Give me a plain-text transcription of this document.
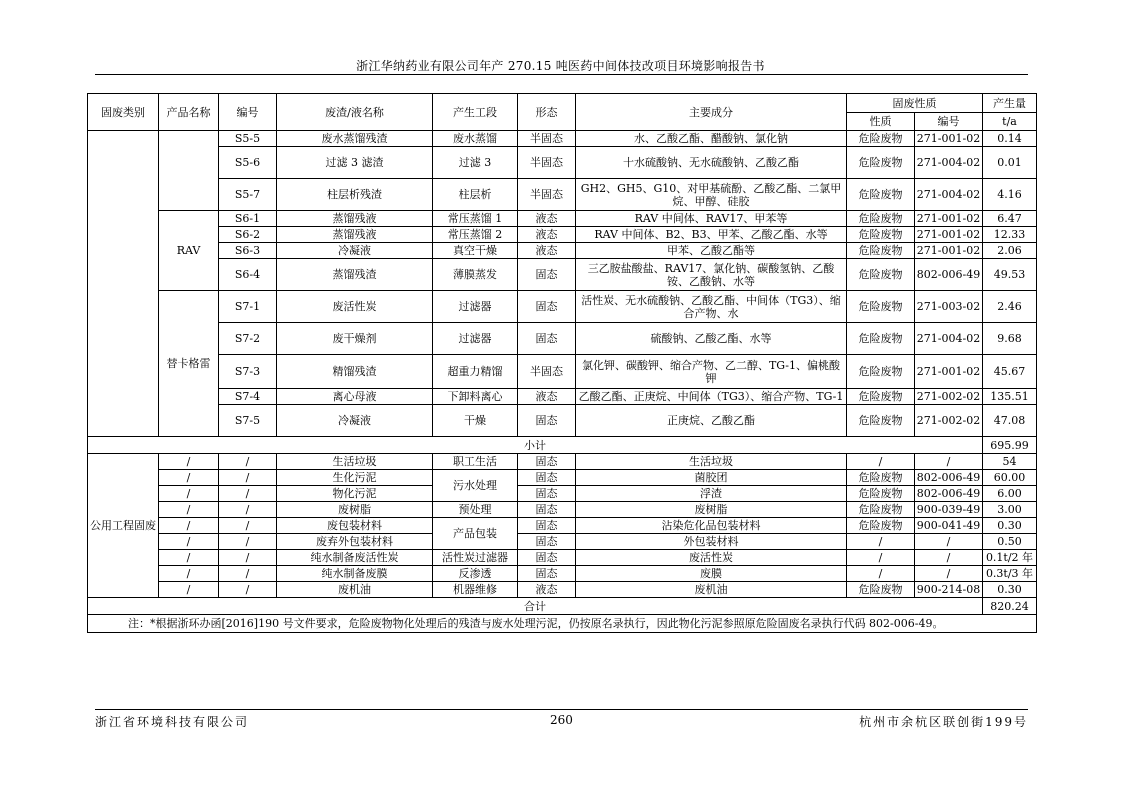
浙江华纳药业有限公司年产 270.15 吨医药中间体技改项目环境影响报告书
固废类别	产品名称	编号	废渣/液名称	产生工段	形态	主要成分	固废性质		产生量
							性质	编号	t/a
		S5-5	废水蒸馏残渣	废水蒸馏	半固态	水、乙酸乙酯、醋酸钠、氯化钠	危险废物	271-001-02	0.14
		S5-6	过滤 3 滤渣	过滤 3	半固态	十水硫酸钠、无水硫酸钠、乙酸乙酯	危险废物	271-004-02	0.01
		S5-7	柱层析残渣	柱层析	半固态	GH2、GH5、G10、对甲基硫酚、乙酸乙酯、二氯甲烷、甲醇、硅胶	危险废物	271-004-02	4.16
	RAV	S6-1	蒸馏残液	常压蒸馏 1	液态	RAV 中间体、RAV17、甲苯等	危险废物	271-001-02	6.47
		S6-2	蒸馏残液	常压蒸馏 2	液态	RAV 中间体、B2、B3、甲苯、乙酸乙酯、水等	危险废物	271-001-02	12.33
		S6-3	冷凝液	真空干燥	液态	甲苯、乙酸乙酯等	危险废物	271-001-02	2.06
		S6-4	蒸馏残渣	薄膜蒸发	固态	三乙胺盐酸盐、RAV17、氯化钠、碳酸氢钠、乙酸铵、乙酸钠、水等	危险废物	802-006-49	49.53
	替卡格雷	S7-1	废活性炭	过滤器	固态	活性炭、无水硫酸钠、乙酸乙酯、中间体（TG3）、缩合产物、水	危险废物	271-003-02	2.46
		S7-2	废干燥剂	过滤器	固态	硫酸钠、乙酸乙酯、水等	危险废物	271-004-02	9.68
		S7-3	精馏残渣	超重力精馏	半固态	氯化钾、碳酸钾、缩合产物、乙二醇、TG-1、偏桃酸钾	危险废物	271-001-02	45.67
		S7-4	离心母液	下卸料离心	液态	乙酸乙酯、正庚烷、中间体（TG3）、缩合产物、TG-1	危险废物	271-002-02	135.51
		S7-5	冷凝液	干燥	固态	正庚烷、乙酸乙酯	危险废物	271-002-02	47.08
小计									695.99
公用工程固废	/	/	生活垃圾	职工生活	固态	生活垃圾	/	/	54
	/	/	生化污泥	污水处理	固态	菌胶团	危险废物	802-006-49	60.00
	/	/	物化污泥		固态	浮渣	危险废物	802-006-49	6.00
	/	/	废树脂	预处理	固态	废树脂	危险废物	900-039-49	3.00
	/	/	废包装材料	产品包装	固态	沾染危化品包装材料	危险废物	900-041-49	0.30
	/	/	废弃外包装材料		固态	外包装材料	/	/	0.50
	/	/	纯水制备废活性炭	活性炭过滤器	固态	废活性炭	/	/	0.1t/2 年
	/	/	纯水制备废膜	反渗透	固态	废膜	/	/	0.3t/3 年
	/	/	废机油	机器维修	液态	废机油	危险废物	900-214-08	0.30
合计									820.24
注：*根据浙环办函[2016]190 号文件要求，危险废物物化处理后的残渣与废水处理污泥，仍按原名录执行，因此物化污泥参照原危险固废名录执行代码 802-006-49。									
浙江省环境科技有限公司	260	杭州市余杭区联创街199号
